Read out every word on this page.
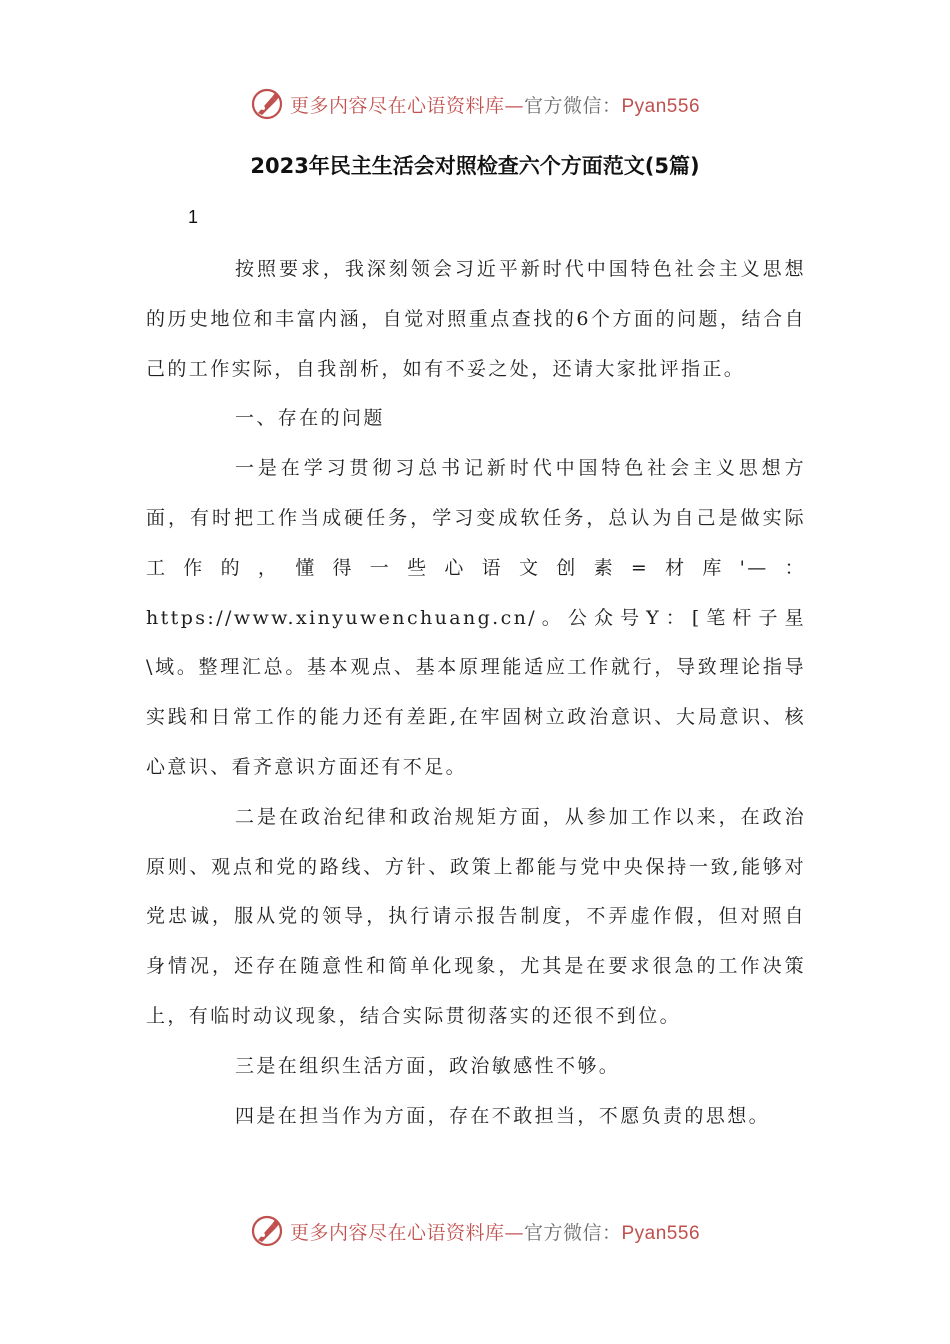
更多内容尽在心语资料库—官方微信：Pyan556
2023年民主生活会对照检查六个方面范文(5篇)
1

按照要求，我深刻领会习近平新时代中国特色社会主义思想的历史地位和丰富内涵，自觉对照重点查找的6个方面的问题，结合自己的工作实际，自我剖析，如有不妥之处，还请大家批评指正。

一、存在的问题

一是在学习贯彻习总书记新时代中国特色社会主义思想方面，有时把工作当成硬任务，学习变成软任务，总认为自己是做实际工作的，懂得一些心语文创素=材库'—：https://www.xinyuwenchuang.cn/。公众号Y：[笔杆子星\域。整理汇总。基本观点、基本原理能适应工作就行，导致理论指导实践和日常工作的能力还有差距,在牢固树立政治意识、大局意识、核心意识、看齐意识方面还有不足。

二是在政治纪律和政治规矩方面，从参加工作以来，在政治原则、观点和党的路线、方针、政策上都能与党中央保持一致,能够对党忠诚，服从党的领导，执行请示报告制度，不弄虚作假，但对照自身情况，还存在随意性和简单化现象，尤其是在要求很急的工作决策上，有临时动议现象，结合实际贯彻落实的还很不到位。

三是在组织生活方面，政治敏感性不够。

四是在担当作为方面，存在不敢担当，不愿负责的思想。

更多内容尽在心语资料库—官方微信：Pyan556
